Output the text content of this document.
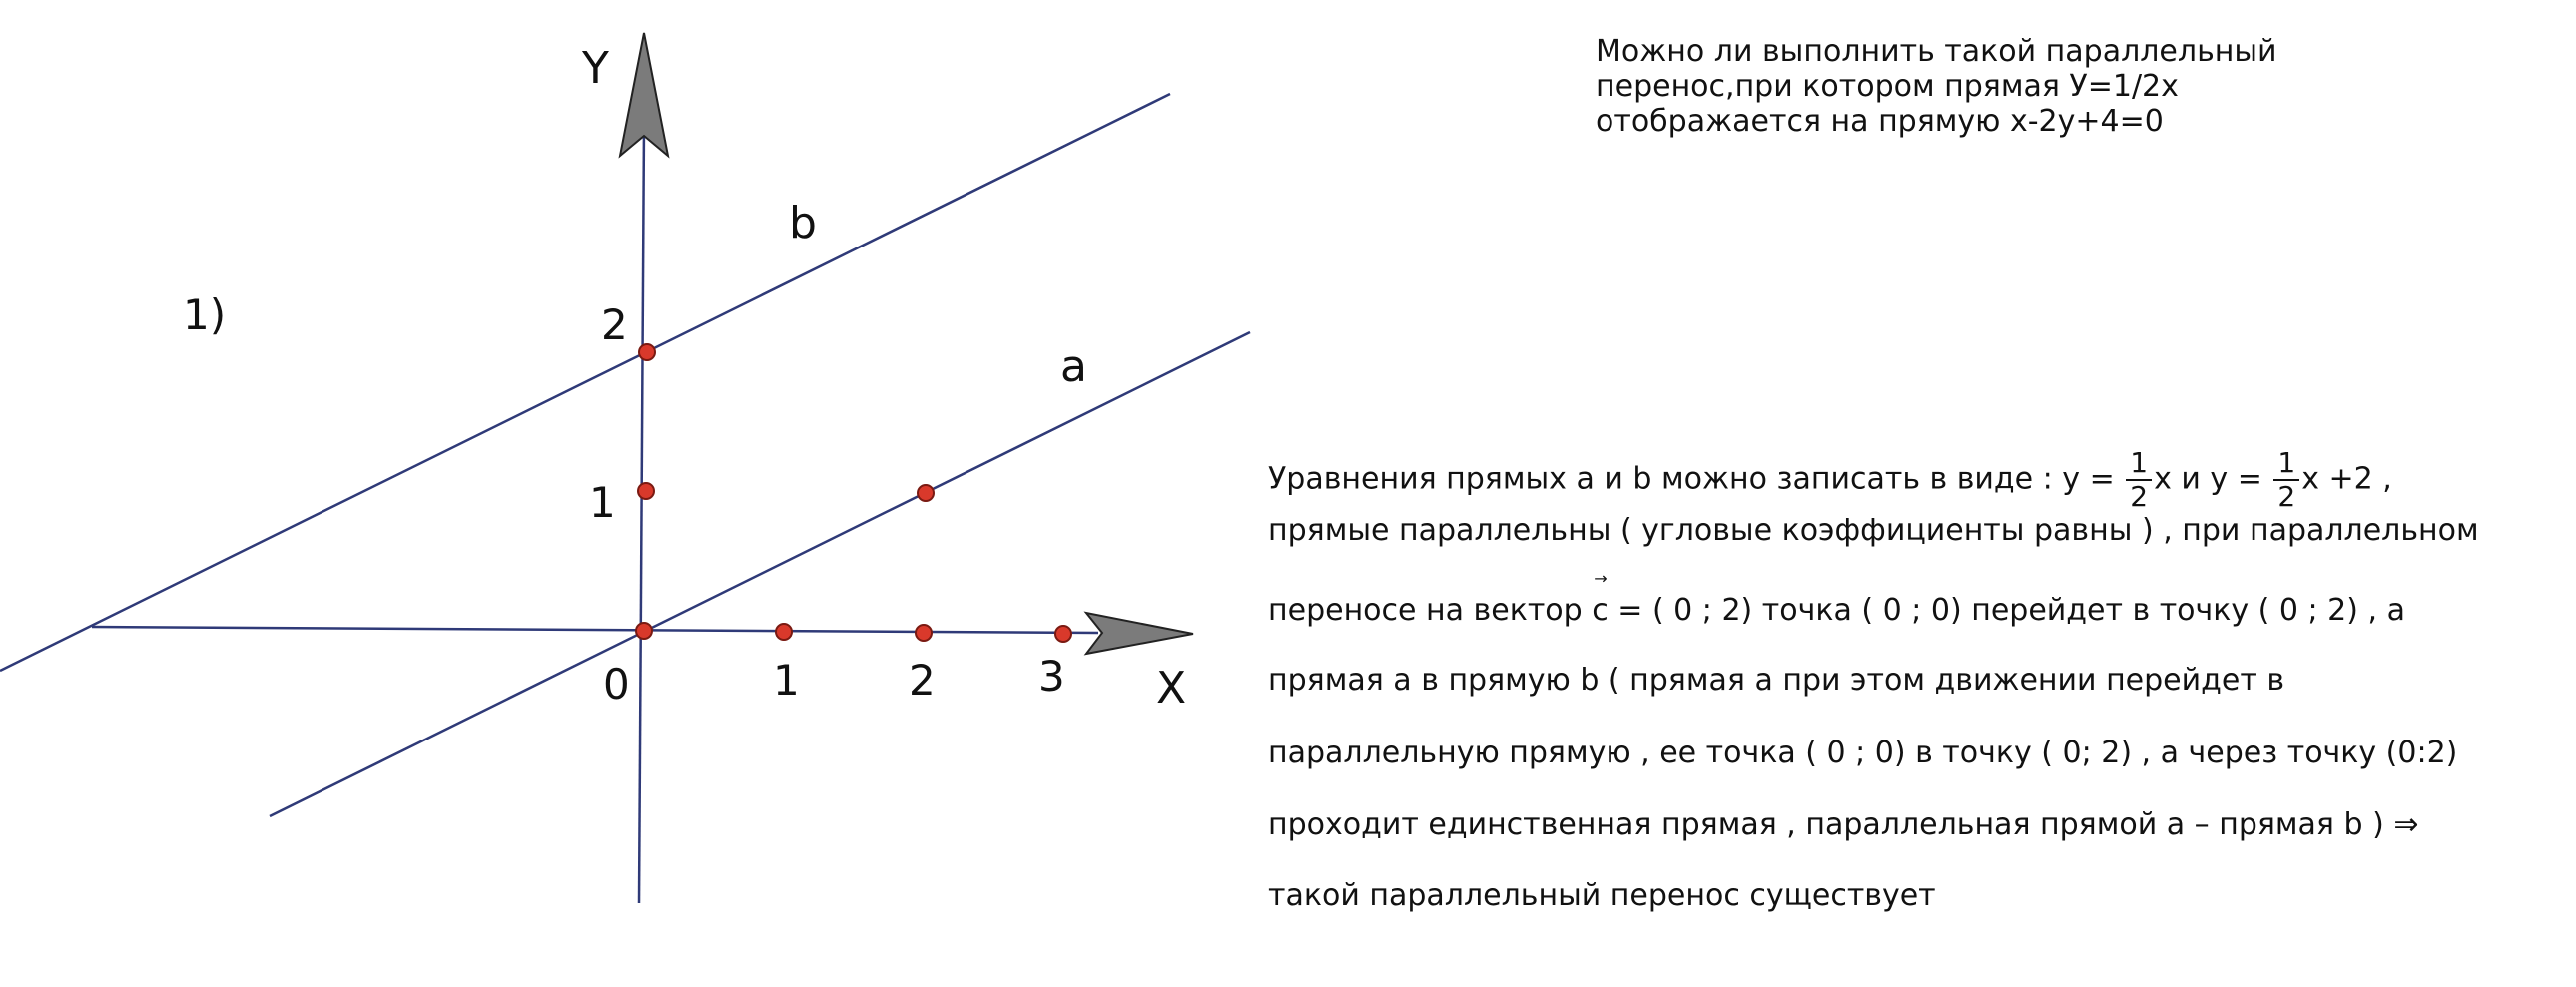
1)
Y
X
b
a
0	1	2 3
1
2
Можно ли выполнить такой параллельный
перенос,при котором прямая У=1/2x
отображается на прямую x-2y+4=0
Уравнения прямых а и b можно записать в виде : $y = \frac{1}{2}$ x и $y = \frac{1}{2}$ x +2 ,
прямые параллельны ( угловые коэффициенты равны ) , при параллельном
переносе на вектор
→
c = ( 0 ; 2) точка ( 0 ; 0) перейдет в точку ( 0 ; 2) , а
прямая а в прямую b ( прямая а при этом движении перейдет в
параллельную прямую , ее точка ( 0 ; 0) в точку ( 0; 2) , а через точку (0:2)
проходит единственная прямая , параллельная прямой а – прямая b ) ⇒
такой параллельный перенос существует
